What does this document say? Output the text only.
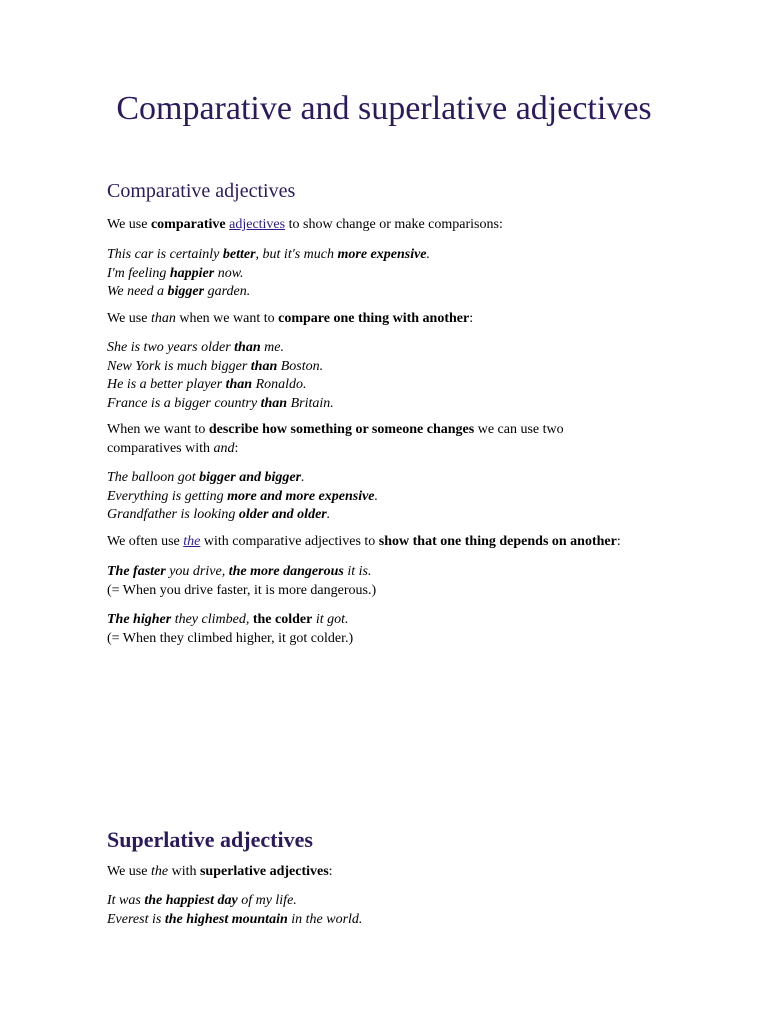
Comparative and superlative adjectives
Comparative adjectives

We use comparative adjectives to show change or make comparisons:

This car is certainly better, but it's much more expensive.
I'm feeling happier now.
We need a bigger garden.

We use than when we want to compare one thing with another:

She is two years older than me.
New York is much bigger than Boston.
He is a better player than Ronaldo.
France is a bigger country than Britain.

When we want to describe how something or someone changes we can use two
comparatives with and:

The balloon got bigger and bigger.
Everything is getting more and more expensive.
Grandfather is looking older and older.

We often use the with comparative adjectives to show that one thing depends on another:

The faster you drive, the more dangerous it is.
(= When you drive faster, it is more dangerous.)
The higher they climbed, the colder it got.
(= When they climbed higher, it got colder.)
Superlative adjectives

We use the with superlative adjectives:

It was the happiest day of my life.
Everest is the highest mountain in the world.
